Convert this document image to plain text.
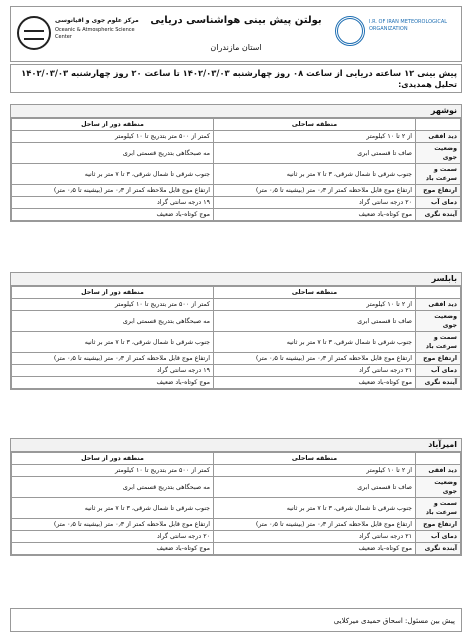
مرکز علوم جوی و اقیانوسی
Oceanic & Atmospheric Science Center
بولتن پیش بینی هواشناسی دریایی
استان مازندران
I.R. OF IRAN METEOROLOGICAL ORGANIZATION
پیش بینی ۱۲ ساعته دریایی از ساعت ۰۸ روز چهارشنبه ۱۴۰۲/۰۳/۰۳ تا ساعت ۲۰ روز چهارشنبه ۱۴۰۲/۰۳/۰۳
تحلیل همدیدی:
نوشهر
	منطقه ساحلی	منطقه دور از ساحل
دید افقی	از ۲ تا ۱۰ کیلومتر	کمتر از ۵۰۰ متر بتدریج تا ۱۰ کیلومتر
وضعیت جوی	صاف تا قسمتی ابری	مه صبحگاهی بتدریج قسمتی ابری
سمت و سرعت باد	جنوب شرقی تا شمال شرقی، ۳ تا ۷ متر بر ثانیه	جنوب شرقی تا شمال شرقی، ۳ تا ۷ متر بر ثانیه
ارتفاع موج	ارتفاع موج قابل ملاحظه کمتر از ۰٫۳ متر (بیشینه تا ۰٫۵ متر)	ارتفاع موج قابل ملاحظه کمتر از ۰٫۳ متر (بیشینه تا ۰٫۵ متر)
دمای آب	۲۰ درجه سانتی گراد	۱۹ درجه سانتی گراد
آینده نگری	موج کوتاه-باد ضعیف	موج کوتاه-باد ضعیف
بابلسر
	منطقه ساحلی	منطقه دور از ساحل
دید افقی	از ۲ تا ۱۰ کیلومتر	کمتر از ۵۰۰ متر بتدریج تا ۱۰ کیلومتر
وضعیت جوی	صاف تا قسمتی ابری	مه صبحگاهی بتدریج قسمتی ابری
سمت و سرعت باد	جنوب شرقی تا شمال شرقی، ۳ تا ۷ متر بر ثانیه	جنوب شرقی تا شمال شرقی، ۳ تا ۷ متر بر ثانیه
ارتفاع موج	ارتفاع موج قابل ملاحظه کمتر از ۰٫۳ متر (بیشینه تا ۰٫۵ متر)	ارتفاع موج قابل ملاحظه کمتر از ۰٫۳ متر (بیشینه تا ۰٫۵ متر)
دمای آب	۲۱ درجه سانتی گراد	۱۹ درجه سانتی گراد
آینده نگری	موج کوتاه-باد ضعیف	موج کوتاه-باد ضعیف
امیرآباد
	منطقه ساحلی	منطقه دور از ساحل
دید افقی	از ۲ تا ۱۰ کیلومتر	کمتر از ۵۰۰ متر بتدریج تا ۱۰ کیلومتر
وضعیت جوی	صاف تا قسمتی ابری	مه صبحگاهی بتدریج قسمتی ابری
سمت و سرعت باد	جنوب شرقی تا شمال شرقی، ۳ تا ۷ متر بر ثانیه	جنوب شرقی تا شمال شرقی، ۳ تا ۷ متر بر ثانیه
ارتفاع موج	ارتفاع موج قابل ملاحظه کمتر از ۰٫۳ متر (بیشینه تا ۰٫۵ متر)	ارتفاع موج قابل ملاحظه کمتر از ۰٫۳ متر (بیشینه تا ۰٫۵ متر)
دمای آب	۲۱ درجه سانتی گراد	۲۰ درجه سانتی گراد
آینده نگری	موج کوتاه-باد ضعیف	موج کوتاه-باد ضعیف
پیش بین مسئول: اسحاق حمیدی میرکلایی
